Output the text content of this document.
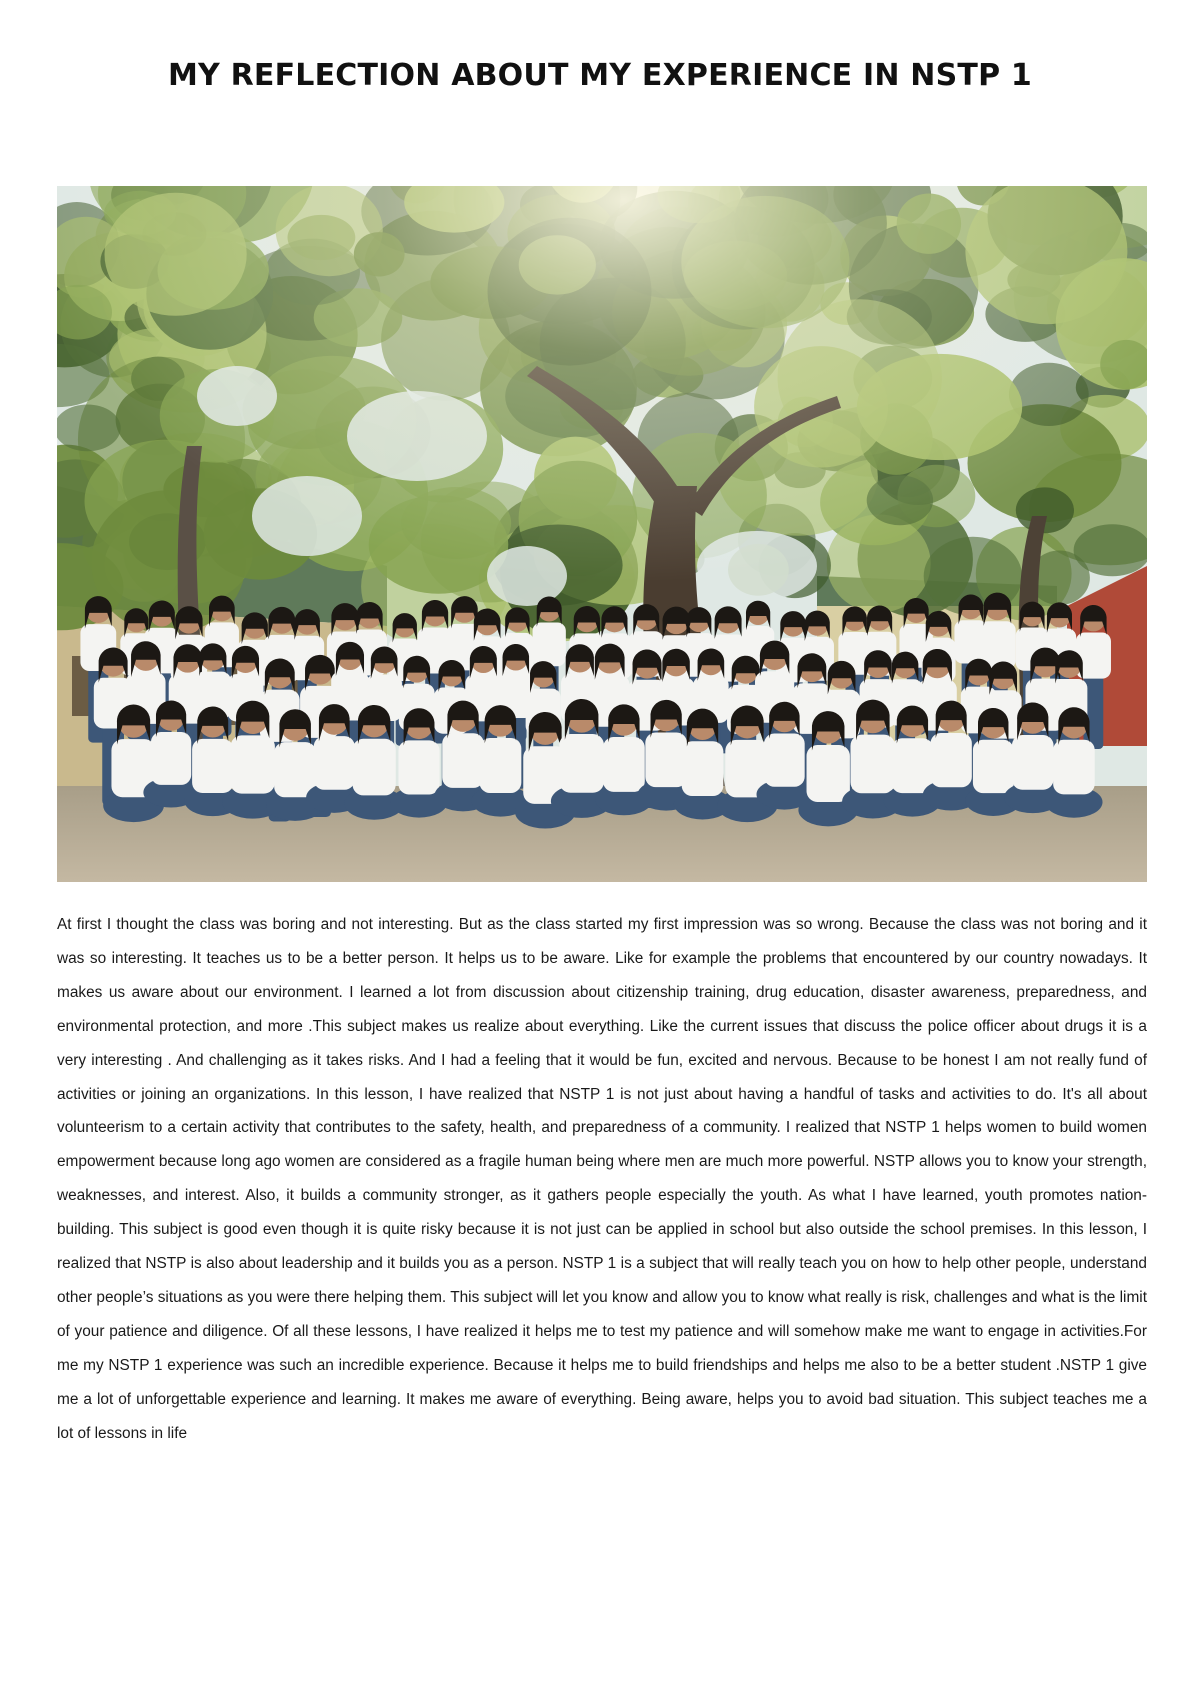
MY REFLECTION ABOUT MY EXPERIENCE IN NSTP 1

At first I thought the class was boring and not interesting. But as the class started my first impression was so wrong. Because the class was not boring and it was so interesting. It teaches us to be a better person. It helps us to be aware. Like for example the problems that encountered by our country nowadays. It makes us aware about our environment. I learned a lot from discussion about citizenship training, drug education, disaster awareness, preparedness, and environmental protection, and more .This subject makes us realize about everything. Like the current issues that discuss the police officer about drugs it is a very interesting . And challenging as it takes risks. And I had a feeling that it would be fun, excited and nervous. Because to be honest I am not really fund of activities or joining an organizations. In this lesson, I have realized that NSTP 1 is not just about having a handful of tasks and activities to do. It's all about volunteerism to a certain activity that contributes to the safety, health, and preparedness of a community. I realized that NSTP 1 helps women to build women empowerment because long ago women are considered as a fragile human being where men are much more powerful. NSTP allows you to know your strength, weaknesses, and interest. Also, it builds a community stronger, as it gathers people especially the youth. As what I have learned, youth promotes nation-building. This subject is good even though it is quite risky because it is not just can be applied in school but also outside the school premises. In this lesson, I realized that NSTP is also about leadership and it builds you as a person. NSTP 1 is a subject that will really teach you on how to help other people, understand other people’s situations as you were there helping them. This subject will let you know and allow you to know what really is risk, challenges and what is the limit of your patience and diligence. Of all these lessons, I have realized it helps me to test my patience and will somehow make me want to engage in activities.For me my NSTP 1 experience was such an incredible experience. Because it helps me to build friendships and helps me also to be a better student .NSTP 1 give me a lot of unforgettable experience and learning. It makes me aware of everything. Being aware, helps you to avoid bad situation. This subject teaches me a lot of lessons in life
